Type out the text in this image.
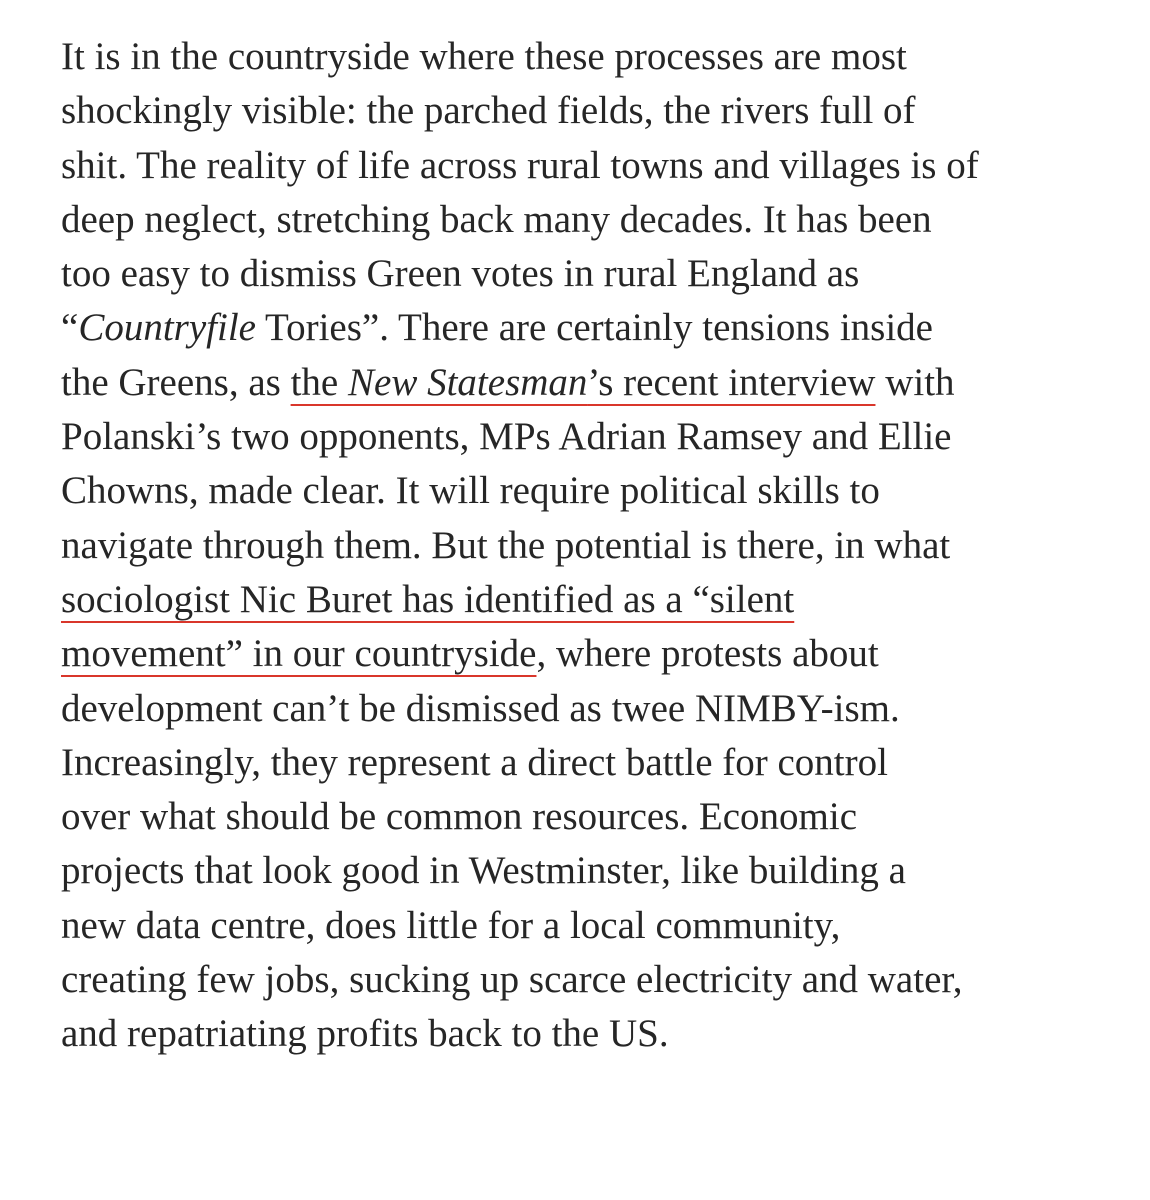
It is in the countryside where these processes are most
shockingly visible: the parched fields, the rivers full of
shit. The reality of life across rural towns and villages is of
deep neglect, stretching back many decades. It has been
too easy to dismiss Green votes in rural England as
“Countryfile Tories”. There are certainly tensions inside
the Greens, as the New Statesman’s recent interview with
Polanski’s two opponents, MPs Adrian Ramsey and Ellie
Chowns, made clear. It will require political skills to
navigate through them. But the potential is there, in what
sociologist Nic Buret has identified as a “silent
movement” in our countryside, where protests about
development can’t be dismissed as twee NIMBY-ism.
Increasingly, they represent a direct battle for control
over what should be common resources. Economic
projects that look good in Westminster, like building a
new data centre, does little for a local community,
creating few jobs, sucking up scarce electricity and water,
and repatriating profits back to the US.
